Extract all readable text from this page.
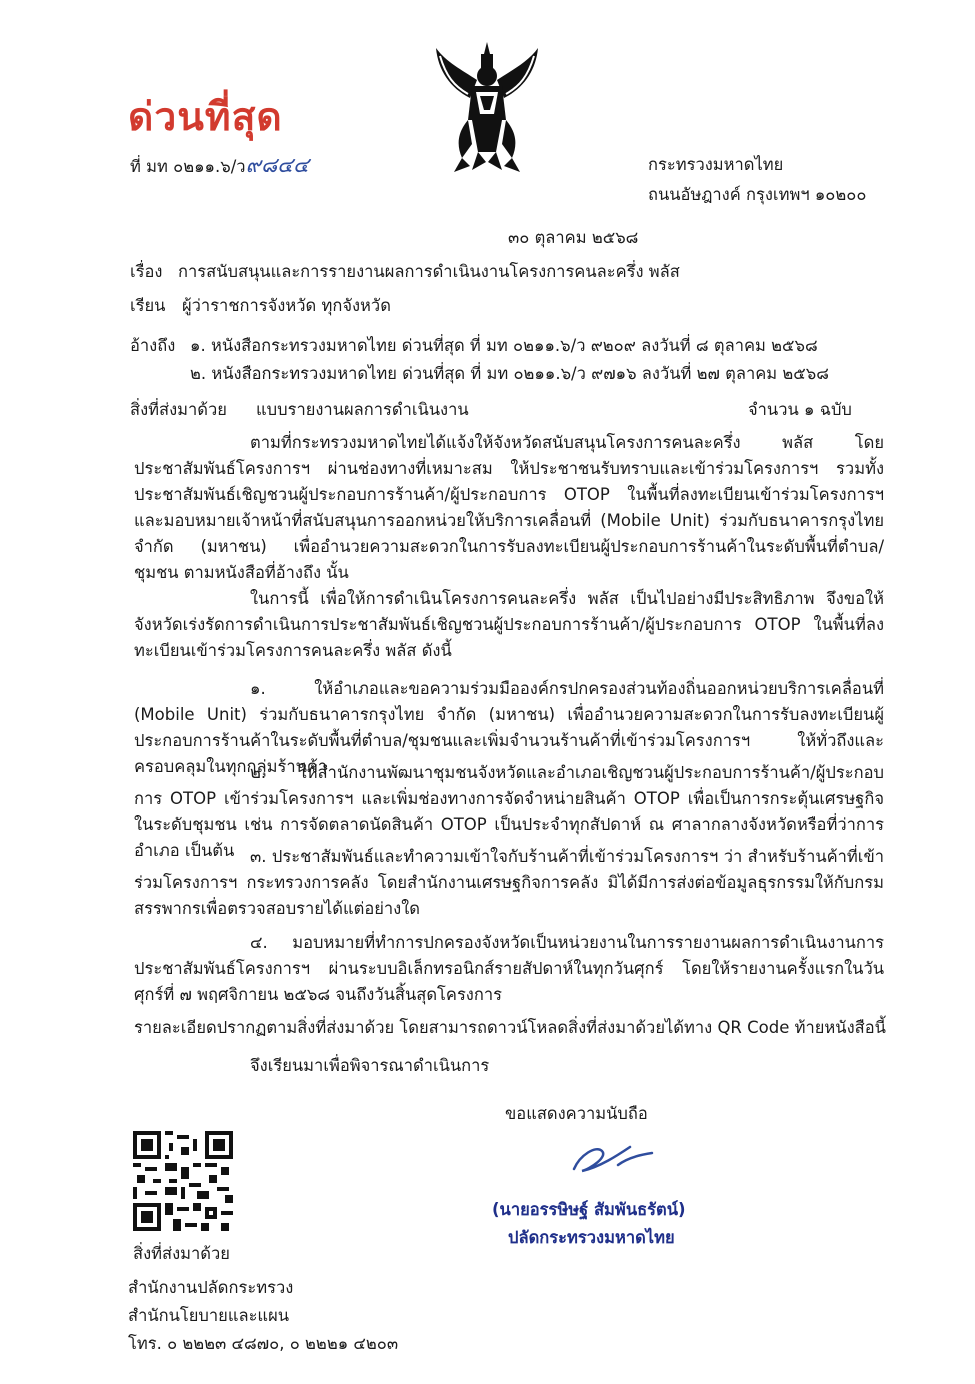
ด่วนที่สุด
ที่ มท ๐๒๑๑.๖/ว๙๘๔๔	กระทรวงมหาดไทย
ถนนอัษฎางค์ กรุงเทพฯ ๑๐๒๐๐
๓๐ ตุลาคม ๒๕๖๘
เรื่อง การสนับสนุนและการรายงานผลการดำเนินงานโครงการคนละครึ่ง พลัส
เรียน ผู้ว่าราชการจังหวัด ทุกจังหวัด
อ้างถึง ๑. หนังสือกระทรวงมหาดไทย ด่วนที่สุด ที่ มท ๐๒๑๑.๖/ว ๙๒๐๙ ลงวันที่ ๘ ตุลาคม ๒๕๖๘
๒. หนังสือกระทรวงมหาดไทย ด่วนที่สุด ที่ มท ๐๒๑๑.๖/ว ๙๗๑๖ ลงวันที่ ๒๗ ตุลาคม ๒๕๖๘
สิ่งที่ส่งมาด้วย แบบรายงานผลการดำเนินงาน	จำนวน ๑ ฉบับ
ตามที่กระทรวงมหาดไทยได้แจ้งให้จังหวัดสนับสนุนโครงการคนละครึ่ง พลัส โดยประชาสัมพันธ์โครงการฯ ผ่านช่องทางที่เหมาะสม ให้ประชาชนรับทราบและเข้าร่วมโครงการฯ รวมทั้งประชาสัมพันธ์เชิญชวนผู้ประกอบการร้านค้า/ผู้ประกอบการ OTOP ในพื้นที่ลงทะเบียนเข้าร่วมโครงการฯ และมอบหมายเจ้าหน้าที่สนับสนุนการออกหน่วยให้บริการเคลื่อนที่ (Mobile Unit) ร่วมกับธนาคารกรุงไทย จำกัด (มหาชน) เพื่ออำนวยความสะดวกในการรับลงทะเบียนผู้ประกอบการร้านค้าในระดับพื้นที่ตำบล/ชุมชน ตามหนังสือที่อ้างถึง นั้น
ในการนี้ เพื่อให้การดำเนินโครงการคนละครึ่ง พลัส เป็นไปอย่างมีประสิทธิภาพ จึงขอให้จังหวัดเร่งรัดการดำเนินการประชาสัมพันธ์เชิญชวนผู้ประกอบการร้านค้า/ผู้ประกอบการ OTOP ในพื้นที่ลงทะเบียนเข้าร่วมโครงการคนละครึ่ง พลัส ดังนี้
๑. ให้อำเภอและขอความร่วมมือองค์กรปกครองส่วนท้องถิ่นออกหน่วยบริการเคลื่อนที่ (Mobile Unit) ร่วมกับธนาคารกรุงไทย จำกัด (มหาชน) เพื่ออำนวยความสะดวกในการรับลงทะเบียนผู้ประกอบการร้านค้าในระดับพื้นที่ตำบล/ชุมชนและเพิ่มจำนวนร้านค้าที่เข้าร่วมโครงการฯ ให้ทั่วถึงและครอบคลุมในทุกกลุ่มร้านค้า
๒. ให้สำนักงานพัฒนาชุมชนจังหวัดและอำเภอเชิญชวนผู้ประกอบการร้านค้า/ผู้ประกอบการ OTOP เข้าร่วมโครงการฯ และเพิ่มช่องทางการจัดจำหน่ายสินค้า OTOP เพื่อเป็นการกระตุ้นเศรษฐกิจในระดับชุมชน เช่น การจัดตลาดนัดสินค้า OTOP เป็นประจำทุกสัปดาห์ ณ ศาลากลางจังหวัดหรือที่ว่าการอำเภอ เป็นต้น ๓. ประชาสัมพันธ์และทำความเข้าใจกับร้านค้าที่เข้าร่วมโครงการฯ ว่า สำหรับร้านค้าที่เข้าร่วมโครงการฯ กระทรวงการคลัง โดยสำนักงานเศรษฐกิจการคลัง มิได้มีการส่งต่อข้อมูลธุรกรรมให้กับกรมสรรพากรเพื่อตรวจสอบรายได้แต่อย่างใด
๔. มอบหมายที่ทำการปกครองจังหวัดเป็นหน่วยงานในการรายงานผลการดำเนินงานการประชาสัมพันธ์โครงการฯ ผ่านระบบอิเล็กทรอนิกส์รายสัปดาห์ในทุกวันศุกร์ โดยให้รายงานครั้งแรกในวันศุกร์ที่ ๗ พฤศจิกายน ๒๕๖๘ จนถึงวันสิ้นสุดโครงการ
รายละเอียดปรากฏตามสิ่งที่ส่งมาด้วย โดยสามารถดาวน์โหลดสิ่งที่ส่งมาด้วยได้ทาง QR Code ท้ายหนังสือนี้
จึงเรียนมาเพื่อพิจารณาดำเนินการ
ขอแสดงความนับถือ
(นายอรรษิษฐ์ สัมพันธรัตน์)
ปลัดกระทรวงมหาดไทย
สิ่งที่ส่งมาด้วย
สำนักงานปลัดกระทรวง
สำนักนโยบายและแผน
โทร. ๐ ๒๒๒๓ ๔๘๗๐, ๐ ๒๒๒๑ ๔๒๐๓
